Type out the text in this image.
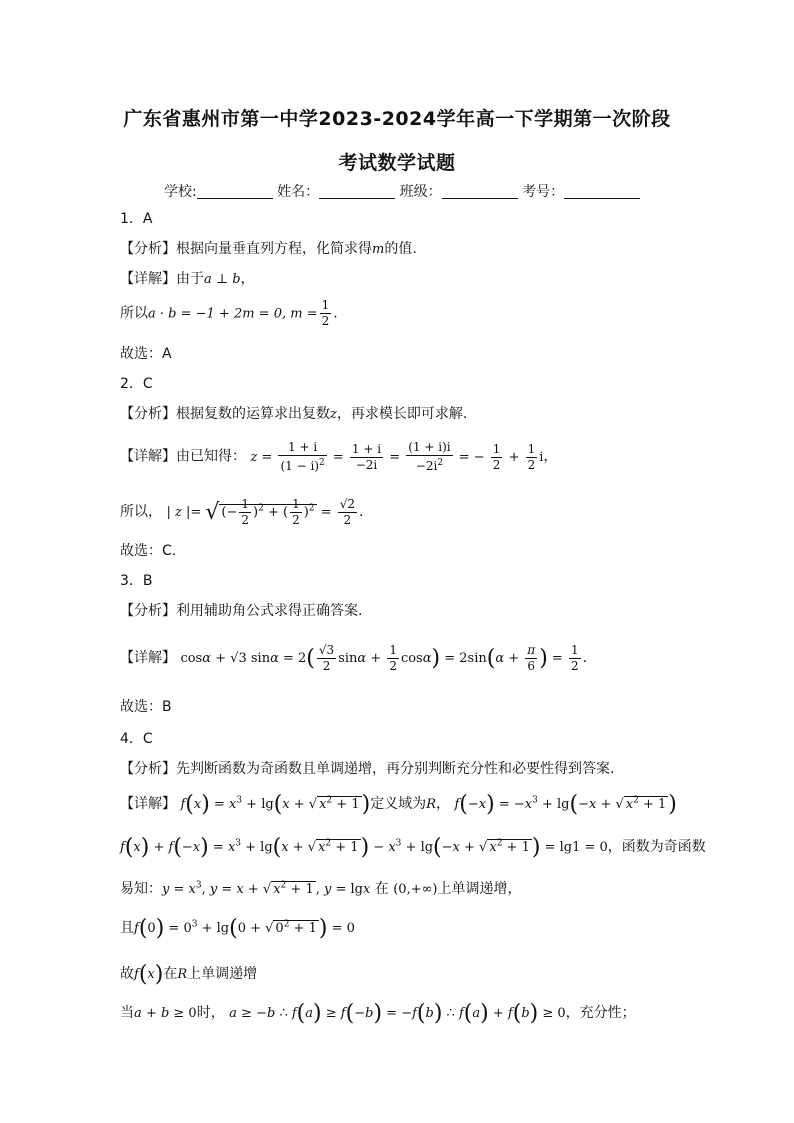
广东省惠州市第一中学2023-2024学年高一下学期第一次阶段
考试数学试题
学校:	姓名：	班级：	考号：
1．A
【分析】根据向量垂直列方程，化简求得m的值.
【详解】由于a ⊥ b，
所以a · b = −1 + 2m = 0, $m = \frac{1}{2}$ .
故选：A
2．C
【分析】根据复数的运算求出复数z，再求模长即可求解.
【详解】由已知得： $z = \frac{1 + i}{(1 - i)^2} = \frac{1 + i}{-2i} = \frac{(1 + i)i}{-2i^2}$ = − $\frac{1}{2} + \frac{1}{2}$ i，
所以， | z |= √ (− $\frac{1}{2} )^2$ + ( $\frac{1}{2} )^2 = \frac{√2}{2}$ .
故选：C.
3．B
【分析】利用辅助角公式求得正确答案.
【详解】 cosα + √3 $\sin\alpha = 2( \frac{√3}{2}$ $\sin\alpha + \frac{1}{2} \cos\alpha) = 2\sin(\alpha + \frac{\pi}{6}$ ) = $\frac{1}{2}$ .
故选：B
4．C
【分析】先判断函数为奇函数且单调递增，再分别判断充分性和必要性得到答案.
【详解】 $f(x) = x^3 + \lg(x$ + √ $x^2 + 1$)定义域为R， $f(-x) = -x^3 + \lg(-x$ + √ $x^2 + 1$)
$f(x) + f(-x) = x^3 + \lg(x$ + √ $x^2 + 1) - x^3 + \lg(-x$ + √ $x^2 + 1) = \lg 1 = 0$，函数为奇函数
易知：$y = x^3$, y = x + √ $x^2 + 1$ , y = lgx 在 (0,+∞)上单调递增，
且$f(0) = 0^3 + \lg(0$ + √ $0^2 + 1) = 0$
故f(x)在R上单调递增
当a + b ≥ 0时， a ≥ −b ∴ f(a) ≥ f(−b) = −f(b) ∴ f(a) + f(b) ≥ 0，充分性；
